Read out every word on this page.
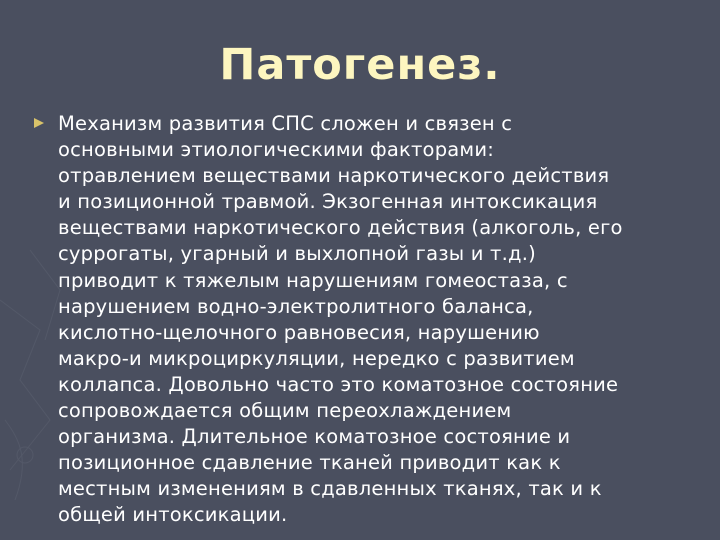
Патогенез.
Механизм развития СПС сложен и связен с
основными этиологическими факторами:
отравлением веществами наркотического действия
и позиционной травмой. Экзогенная интоксикация
веществами наркотического действия (алкоголь, его
суррогаты, угарный и выхлопной газы и т.д.)
приводит к тяжелым нарушениям гомеостаза, с
нарушением водно-электролитного баланса,
кислотно-щелочного равновесия, нарушению
макро-и микроциркуляции, нередко с развитием
коллапса. Довольно часто это коматозное состояние
сопровождается общим переохлаждением
организма. Длительное коматозное состояние и
позиционное сдавление тканей приводит как к
местным изменениям в сдавленных тканях, так и к
общей интоксикации.
